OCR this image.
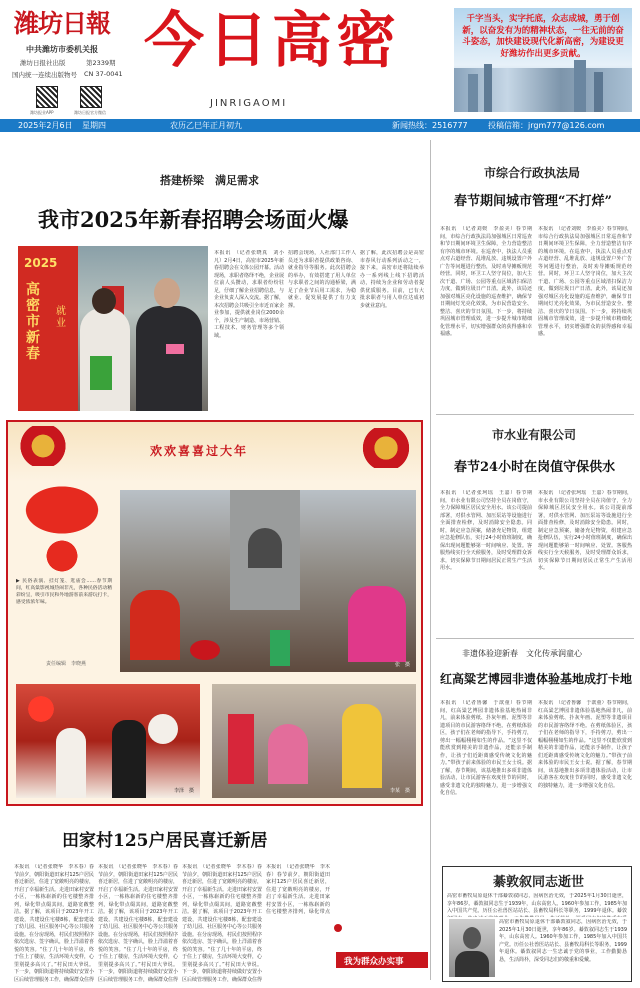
潍坊日報
中共潍坊市委机关报
潍坊日报社出版	第2339期
国内统一连续出版物号 CN 37-0041
潍坊报业APP	潍坊日报官方微信
今日高密
JINRIGAOMI
千字当头，实字托底，众志成城，勇于创新，以奋发有为的精神状态，一往无前的奋斗姿态，加快建设现代化新高密，为建设更好潍坊作出更多贡献。
2025年2月6日 星期四	农历乙巳年正月初九	新闻热线：2516777	投稿信箱：jrgm777@126.com
搭建桥梁　满足需求
我市2025年新春招聘会场面火爆
2025
高密市新春
就业
本报讯　（记者张晓真　刘小凡）2月4日，高密市2025年新春招聘会在文体公园开幕。活动现场，求职者络绎不绝，企业展位前人头攒动，求职者纷纷驻足，仔细了解企业招聘信息，与企业负责人深入交流。据了解，本次招聘会共吸引全市近百家企业参加，提供就业岗位2000余个，涉及生产制造、市场营销、工程技术、财务管理等多个领域。
招聘会现场，人社部门工作人员还为求职者提供政策咨询、就业指导等服务。此次招聘会的举办，有效搭建了用人单位与求职者之间的沟通桥梁，满足了企业节后用工需求，为稳就业、促发展提供了有力支撑。
据了解，此次招聘会是高密市春风行动系列活动之一，接下来，高密市还将陆续举办一系列线上线下招聘活动，持续为企业和劳动者提供优质服务。目前，已有大批求职者与用人单位达成初步就业意向。
市综合行政执法局
春节期间城市管理“不打烊”
本报讯　（记者刘媛　李盈美）春节期间，市综合行政执法局加强城区日常巡查和节日期间环境卫生保障，全力营造整洁有序的城市环境。在巡查中，执法人员重点对占道经营、乱堆乱放、违规设置户外广告等问题进行整治，及时劝导摊贩规范经营。同时，环卫工人坚守岗位，加大主次干道、广场、公园等重点区域清扫保洁力度，做到垃圾日产日清。此外，该局还加强对城区亮化设施的巡查维护，确保节日期间灯光亮化效果，为市民营造安全、整洁、喜庆的节日氛围。下一步，将持续巩固城市管理成效，进一步提升城市精细化管理水平，切实增强群众的获得感和幸福感。
本报讯　（记者刘媛　李盈美）春节期间，市综合行政执法局加强城区日常巡查和节日期间环境卫生保障，全力营造整洁有序的城市环境。在巡查中，执法人员重点对占道经营、乱堆乱放、违规设置户外广告等问题进行整治，及时劝导摊贩规范经营。同时，环卫工人坚守岗位，加大主次干道、广场、公园等重点区域清扫保洁力度，做到垃圾日产日清。此外，该局还加强对城区亮化设施的巡查维护，确保节日期间灯光亮化效果，为市民营造安全、整洁、喜庆的节日氛围。下一步，将持续巩固城市管理成效，进一步提升城市精细化管理水平，切实增强群众的获得感和幸福感。
市水业有限公司
春节24小时在岗值守保供水
本报讯　（记者张珂瑶　王嘉）春节期间，市水业有限公司坚持全员在岗值守，全力保障城区居民安全用水。该公司提前部署，对供水管网、加压泵站等设施进行全面排查检修，及时消除安全隐患。同时，制定应急预案，储备充足物资，组建应急抢修队伍，实行24小时值班制度，确保出现问题能够第一时间响应、处置。客服热线实行全天候服务，及时受理群众诉求，切实保障节日期间居民正常生产生活用水。
本报讯　（记者张珂瑶　王嘉）春节期间，市水业有限公司坚持全员在岗值守，全力保障城区居民安全用水。该公司提前部署，对供水管网、加压泵站等设施进行全面排查检修，及时消除安全隐患。同时，制定应急预案，储备充足物资，组建应急抢修队伍，实行24小时值班制度，确保出现问题能够第一时间响应、处置。客服热线实行全天候服务，及时受理群众诉求，切实保障节日期间居民正常生产生活用水。
非遗体验迎新春　文化传承润童心
红高粱艺博园非遗体验基地成打卡地
本报讯　（记者鲁馨　于歆童）春节期间，红高粱艺博园非遗体验基地热闹非凡，前来体验剪纸、扑灰年画、泥塑等非遗项目的市民游客络绎不绝。在剪纸体验区，孩子们在老师的指导下，手持剪刀，剪出一幅幅栩栩如生的作品。“这里不仅能欣赏到精美的非遗作品，还能亲手制作，让孩子们近距离感受传统文化的魅力。”带孩子前来体验的市民王女士说。据了解，春节期间，该基地推出多项非遗体验活动，让市民游客在欢度佳节的同时，感受非遗文化的独特魅力，进一步增强文化自信。
本报讯　（记者鲁馨　于歆童）春节期间，红高粱艺博园非遗体验基地热闹非凡，前来体验剪纸、扑灰年画、泥塑等非遗项目的市民游客络绎不绝。在剪纸体验区，孩子们在老师的指导下，手持剪刀，剪出一幅幅栩栩如生的作品。“这里不仅能欣赏到精美的非遗作品，还能亲手制作，让孩子们近距离感受传统文化的魅力。”带孩子前来体验的市民王女士说。据了解，春节期间，该基地推出多项非遗体验活动，让市民游客在欢度佳节的同时，感受非遗文化的独特魅力，进一步增强文化自信。
綦敦叙同志逝世
高密市畜牧局原退休干部綦敦叙同志，因病医治无效，于2025年1月30日逝世，享年86岁。綦敦叙同志生于1939年，山东高密人。1960年参加工作，1985年加入中国共产党。历任公社兽医站站长、县畜牧局科长等职务，1999年退休。綦敦
高密市畜牧局原退休干部綦敦叙同志，因病医治无效，于2025年1月30日逝世，享年86岁。綦敦叙同志生于1939年，山东高密人。1960年参加工作，1985年加入中国共产党。历任公社兽医站站长、县畜牧局科长等职务，1999年退休。綦敦叙同志一生忠诚于党的事业，工作勤勤恳恳，生活简朴，深受同志们的敬重和爱戴。
欢欢喜喜过大年
▶ 民俗表演、挂灯笼、逛庙会……春节期间，红高粱影视城热闹非凡，各种民俗活动精彩纷呈，吸引市民和外地游客前来游玩打卡，感受浓浓年味。
责任编辑　李晓燕	张　摄
李泽　摄	李某　摄
田家村125户居民喜迁新居
本报讯　（记者张晓华　李木春）春节前夕，朝阳街道田家村125户居民喜迁新居，住进了宽敞明亮的楼房，开启了幸福新生活。走进田家村安置小区，一栋栋崭新的住宅楼整齐排列，绿化带点缀其间，道路宽敞整洁。据了解，该项目于2023年开工建设，共建设住宅楼8栋，配套建设了幼儿园、社区服务中心等公共服务设施。在分房现场，村民们按照程序依次选房、签字确认，脸上洋溢着喜悦的笑容。“住了几十年的平房，终于住上了楼房，生活环境大变样，心里别提多高兴了。”村民田大爷说。下一步，朝阳街道将持续做好安置小区后续管理服务工作，确保群众住得
本报讯　（记者张晓华　李木春）春节前夕，朝阳街道田家村125户居民喜迁新居，住进了宽敞明亮的楼房，开启了幸福新生活。走进田家村安置小区，一栋栋崭新的住宅楼整齐排列，绿化带点缀其间，道路宽敞整洁。据了解，该项目于2023年开工建设，共建设住宅楼8栋，配套建设了幼儿园、社区服务中心等公共服务设施。在分房现场，村民们按照程序依次选房、签字确认，脸上洋溢着喜悦的笑容。“住了几十年的平房，终于住上了楼房，生活环境大变样，心里别提多高兴了。”村民田大爷说。下一步，朝阳街道将持续做好安置小区后续管理服务工作，确保群众住得
本报讯　（记者张晓华　李木春）春节前夕，朝阳街道田家村125户居民喜迁新居，住进了宽敞明亮的楼房，开启了幸福新生活。走进田家村安置小区，一栋栋崭新的住宅楼整齐排列，绿化带点缀其间，道路宽敞整洁。据了解，该项目于2023年开工建设，共建设住宅楼8栋，配套建设了幼儿园、社区服务中心等公共服务设施。在分房现场，村民们按照程序依次选房、签字确认，脸上洋溢着喜悦的笑容。“住了几十年的平房，终于住上了楼房，生活环境大变样，心里别提多高兴了。”村民田大爷说。下一步，朝阳街道将持续做好安置小区后续管理服务工作，确保群众住得
本报讯　（记者张晓华　李木春）春节前夕，朝阳街道田家村125户居民喜迁新居，住进了宽敞明亮的楼房，开启了幸福新生活。走进田家村安置小区，一栋栋崭新的住宅楼整齐排列，绿化带点
我为群众办实事
